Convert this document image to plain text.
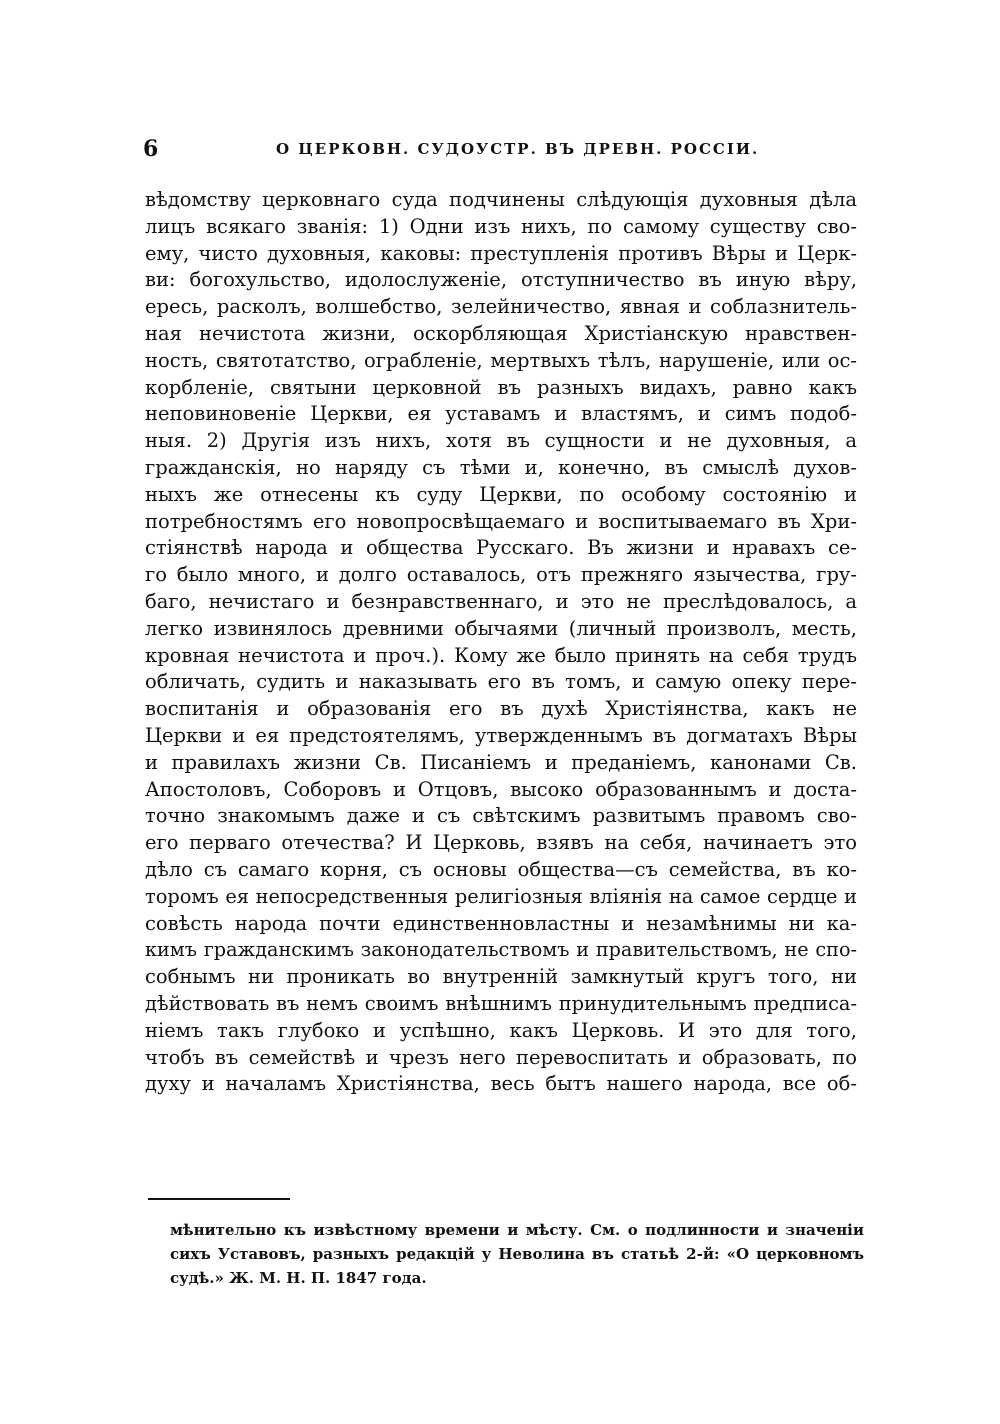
6	О ЦЕРКОВН. СУДОУСТР. ВЪ ДРЕВН. РОССIИ.
вѣдомству церковнаго суда подчинены слѣдующія духовныя дѣла
лицъ всякаго званія: 1) Одни изъ нихъ, по самому существу сво-
ему, чисто духовныя, каковы: преступленія противъ Вѣры и Церк-
ви: богохульство, идолослуженіе, отступничество въ иную вѣру,
ересь, расколъ, волшебство, зелейничество, явная и соблазнитель-
ная нечистота жизни, оскорбляющая Христіанскую нравствен-
ность, святотатство, ограбленіе, мертвыхъ тѣлъ, нарушеніе, или ос-
корбленіе, святыни церковной въ разныхъ видахъ, равно какъ
неповиновеніе Церкви, ея уставамъ и властямъ, и симъ подоб-
ныя. 2) Другія изъ нихъ, хотя въ сущности и не духовныя, а
гражданскія, но наряду съ тѣми и, конечно, въ смыслѣ духов-
ныхъ же отнесены къ суду Церкви, по особому состоянію и
потребностямъ его новопросвѣщаемаго и воспитываемаго въ Хри-
стіянствѣ народа и общества Русскаго. Въ жизни и нравахъ се-
го было много, и долго оставалось, отъ прежняго язычества, гру-
баго, нечистаго и безнравственнаго, и это не преслѣдовалось, а
легко извинялось древними обычаями (личный произволъ, месть,
кровная нечистота и проч.). Кому же было принять на себя трудъ
обличать, судить и наказывать его въ томъ, и самую опеку пере-
воспитанія и образованія его въ духѣ Христіянства, какъ не
Церкви и ея предстоятелямъ, утвержденнымъ въ догматахъ Вѣры
и правилахъ жизни Св. Писаніемъ и преданіемъ, канонами Св.
Апостоловъ, Соборовъ и Отцовъ, высоко образованнымъ и доста-
точно знакомымъ даже и съ свѣтскимъ развитымъ правомъ сво-
его перваго отечества? И Церковь, взявъ на себя, начинаетъ это
дѣло съ самаго корня, съ основы общества—съ семейства, въ ко-
торомъ ея непосредственныя религіозныя вліянія на самое сердце и
совѣсть народа почти единственновластны и незамѣнимы ни ка-
кимъ гражданскимъ законодательствомъ и правительствомъ, не спо-
собнымъ ни проникать во внутренній замкнутый кругъ того, ни
дѣйствовать въ немъ своимъ внѣшнимъ принудительнымъ предписа-
ніемъ такъ глубоко и успѣшно, какъ Церковь. И это для того,
чтобъ въ семействѣ и чрезъ него перевоспитать и образовать, по
духу и началамъ Христіянства, весь бытъ нашего народа, все об-
мѣнительно къ извѣстному времени и мѣсту. См. о подлинности и значеніи
сихъ Уставовъ, разныхъ редакцій у Неволина въ статьѣ 2-й: «О церковномъ
судѣ.» Ж. М. Н. П. 1847 года.
